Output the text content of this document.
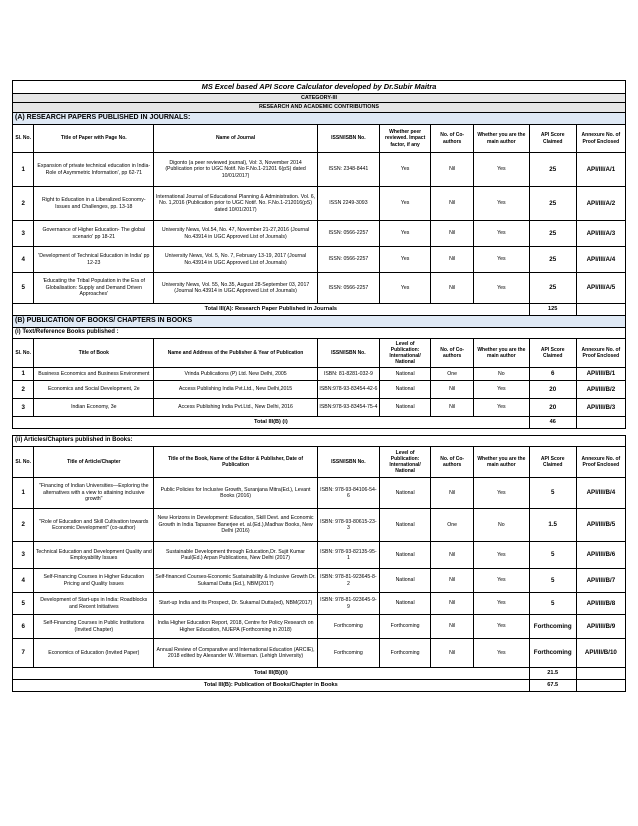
MS Excel based API Score Calculator developed by Dr.Subir Maitra								
CATEGORY-III								
RESEARCH AND ACADEMIC CONTRIBUTIONS								
(A) RESEARCH PAPERS PUBLISHED IN JOURNALS:								
Sl. No.	Title of Paper with Page No.	Name of Journal	ISSN/ISBN No.	Whether peer reviewed. Impact factor, if any	No. of Co- authors	Whether you are the main author	API Score Claimed	Annexure No. of Proof Enclosed
1	Expansion of private technical education in India- Role of Asymmetric Information', pp 62-71	Digonto (a peer reviewed journal), Vol: 3, November 2014 (Publication prior to UGC Notif. No F.No.1-21201 6(pS) dated 10/01/2017)	ISSN: 2348-8441	Yes	Nil	Yes	25	API/III/A/1
2	Right to Education in a Liberalized Economy- Issues and Challenges, pp. 13-18	International Journal of Educational Planning & Administration. Vol. 6, No. 1,2016 (Publication prior to UGC Notif. No. F.No.1-212016(pS) dated 10/01/2017)	ISSN 2249-3093	Yes	Nil	Yes	25	API/III/A/2
3	Governance of Higher Education- The global scenario' pp 18-21	University News, Vol.54, No. 47, November 21-27,2016 (Journal No.43914 in UGC Approved List of Journals)	ISSN: 0566-2257	Yes	Nil	Yes	25	API/III/A/3
4	'Development of Technical Education in India' pp 12-23	University News, Vol. 5, No. 7, February 13-19, 2017 (Journal No.43914 in UGC Approved List of Journals)	ISSN: 0566-2257	Yes	Nil	Yes	25	API/III/A/4
5	'Educating the Tribal Population in the Era of Globalisation: Supply and Demand Driven Approaches'	University News, Vol. 55, No.35, August 28-September 03, 2017 (Journal No.43914 in UGC Approved List of Journals)	ISSN: 0566-2257	Yes	Nil	Yes	25	API/III/A/5
Total III(A): Research Paper Published in Journals							125	
(B) PUBLICATION OF BOOKS/ CHAPTERS IN BOOKS								
(i) Text/Reference Books published :								
Sl. No.	Title of Book	Name and Address of the Publisher & Year of Publication	ISSN/ISBN No.	Level of Publication: International/ National	No. of Co- authors	Whether you are the main author	API Score Claimed	Annexure No. of Proof Enclosed
1	Business Economics and Business Environment	Vrinda Publications (P) Ltd. New Delhi, 2005	ISBN: 81-8281-032-9	National	One	No	6	API/III/B/1
2	Economics and Social Development, 2e	Access Publishing India Pvt.Ltd., New Delhi,2015	ISBN:978-93-83454-42-6	National	Nil	Yes	20	API/III/B/2
3	Indian Economy, 3e	Access Publishing India Pvt.Ltd., New Delhi, 2016	ISBN:978-93-83454-75-4	National	Nil	Yes	20	API/III/B/3
Total III(B) (i)							46	

(ii) Articles/Chapters published in Books:								
Sl. No.	Title of Article/Chapter	Title of the Book, Name of the Editor & Publisher, Date of Publication	ISSN/ISBN No.	Level of Publication: International/ National	No. of Co- authors	Whether you are the main author	API Score Claimed	Annexure No. of Proof Enclosed
1	"Financing of Indian Universities—Exploring the alternatives with a view to attaining inclusive growth"	Public Policies for Inclusive Growth, Suranjana Mitra(Ed.), Levant Books (2016)	ISBN: 978-93-84106-54-6	National	Nil	Yes	5	API/III/B/4
2	"Role of Education and Skill Cultivation towards Economic Development" (co-author)	New Horizons in Development: Education, Skill Devt. and Economic Growth in India Tapasree Banerjee et. al.(Ed.),Madhav Books, New Delhi (2016)	ISBN: 978-93-80615-23-3	National	One	No	1.5	API/III/B/5
3	Technical Education and Development Quality and Employability Issues	Sustainable Development through Education,Dr. Sujit Kumar Paul(Ed.) Arpan Publications, New Delhi (2017)	ISBN: 978-93-82135-95-1	National	Nil	Yes	5	API/III/B/6
4	Self-Financing Courses in Higher Education Pricing and Quality Issues	Self-financed Courses-Economic Sustainability & Inclusive Growth Dr. Sukamal Datta (Ed.), NBM(2017)	ISBN: 978-81-923645-8-2	National	Nil	Yes	5	API/III/B/7
5	Development of Start-ups in India: Roadblocks and Recent Initiatives	Start-up India and its Prospect, Dr. Sukamal Dutta(ed), NBM(2017)	ISBN: 978-81-923645-9-9	National	Nil	Yes	5	API/III/B/8
6	Self-Financing Courses in Public Institutions (Invited Chapter)	India Higher Education Report, 2018, Centre for Policy Research on Higher Education, NUEPA (Forthcoming in 2018)	Forthcoming	Forthcoming	Nil	Yes	Forthcoming	API/III/B/9
7	Economics of Education (Invited Paper)	Annual Review of Comparative and International Education (ARCIE), 2018 edited by Alexander W. Wiseman. (Lehigh University)	Forthcoming	Forthcoming	Nil	Yes	Forthcoming	API/III/B/10
Total III(B)(ii)							21.5	
Total III(B): Publication of Books/Chapter in Books							67.5	
